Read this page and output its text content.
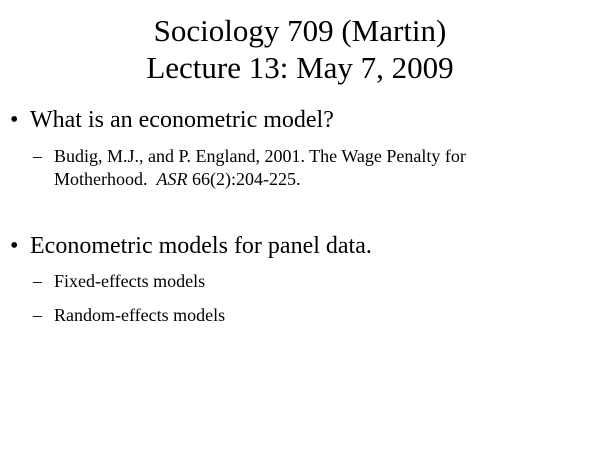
Sociology 709 (Martin)
Lecture 13: May 7, 2009
• What is an econometric model?
– Budig, M.J., and P. England, 2001. The Wage Penalty for
Motherhood.  ASR 66(2):204-225.
• Econometric models for panel data.
– Fixed-effects models
– Random-effects models
